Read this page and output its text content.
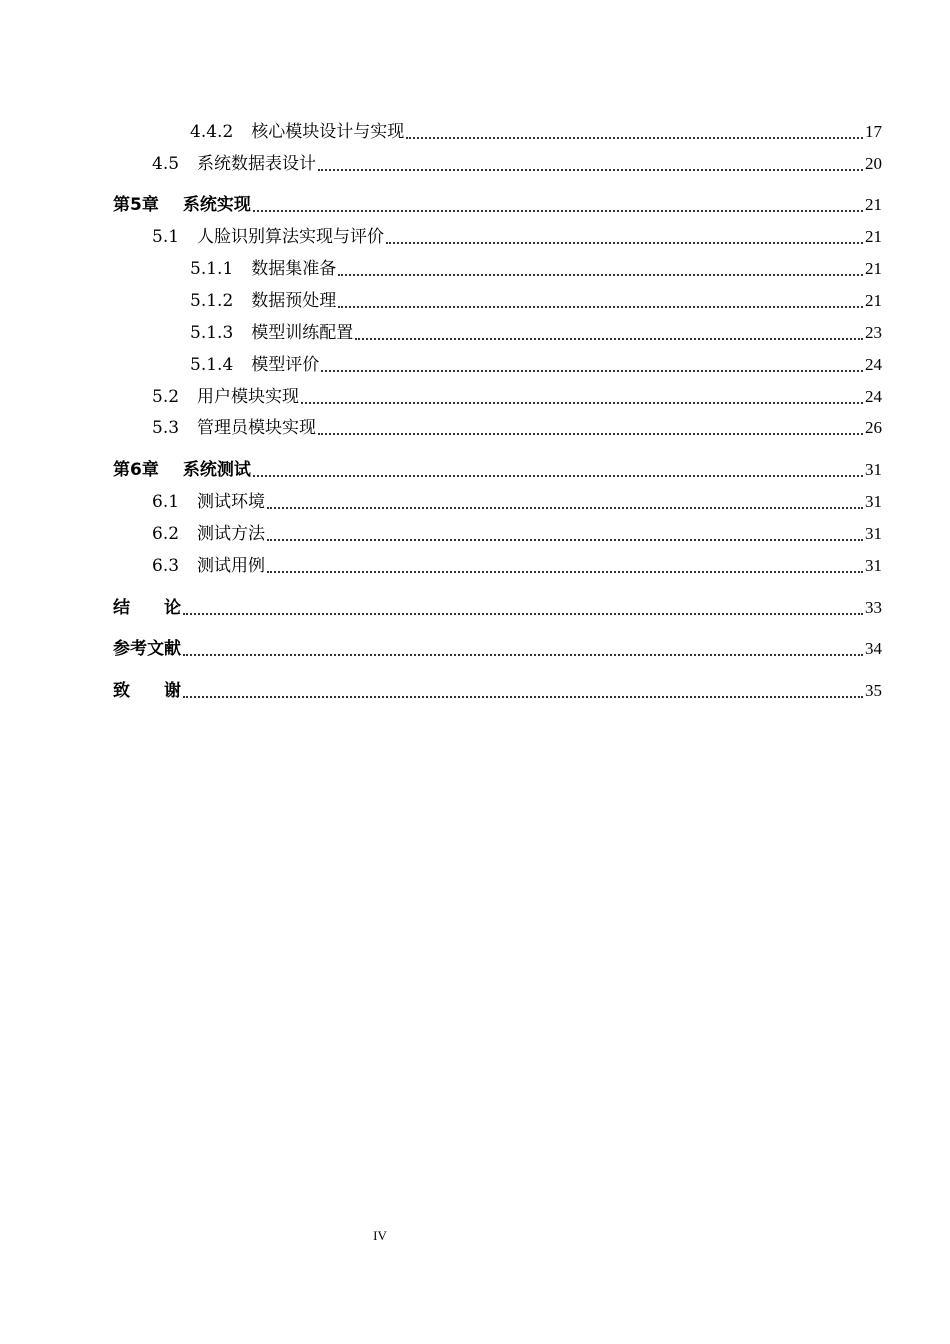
4.4.2 核心模块设计与实现	17
4.5 系统数据表设计	20
第5章 系统实现	21
5.1 人脸识别算法实现与评价	21
5.1.1 数据集准备	21
5.1.2 数据预处理	21
5.1.3 模型训练配置	23
5.1.4 模型评价	24
5.2 用户模块实现	24
5.3 管理员模块实现	26
第6章 系统测试	31
6.1 测试环境	31
6.2 测试方法	31
6.3 测试用例	31
结　　论	33
参考文献	34
致　　谢	35
IV
